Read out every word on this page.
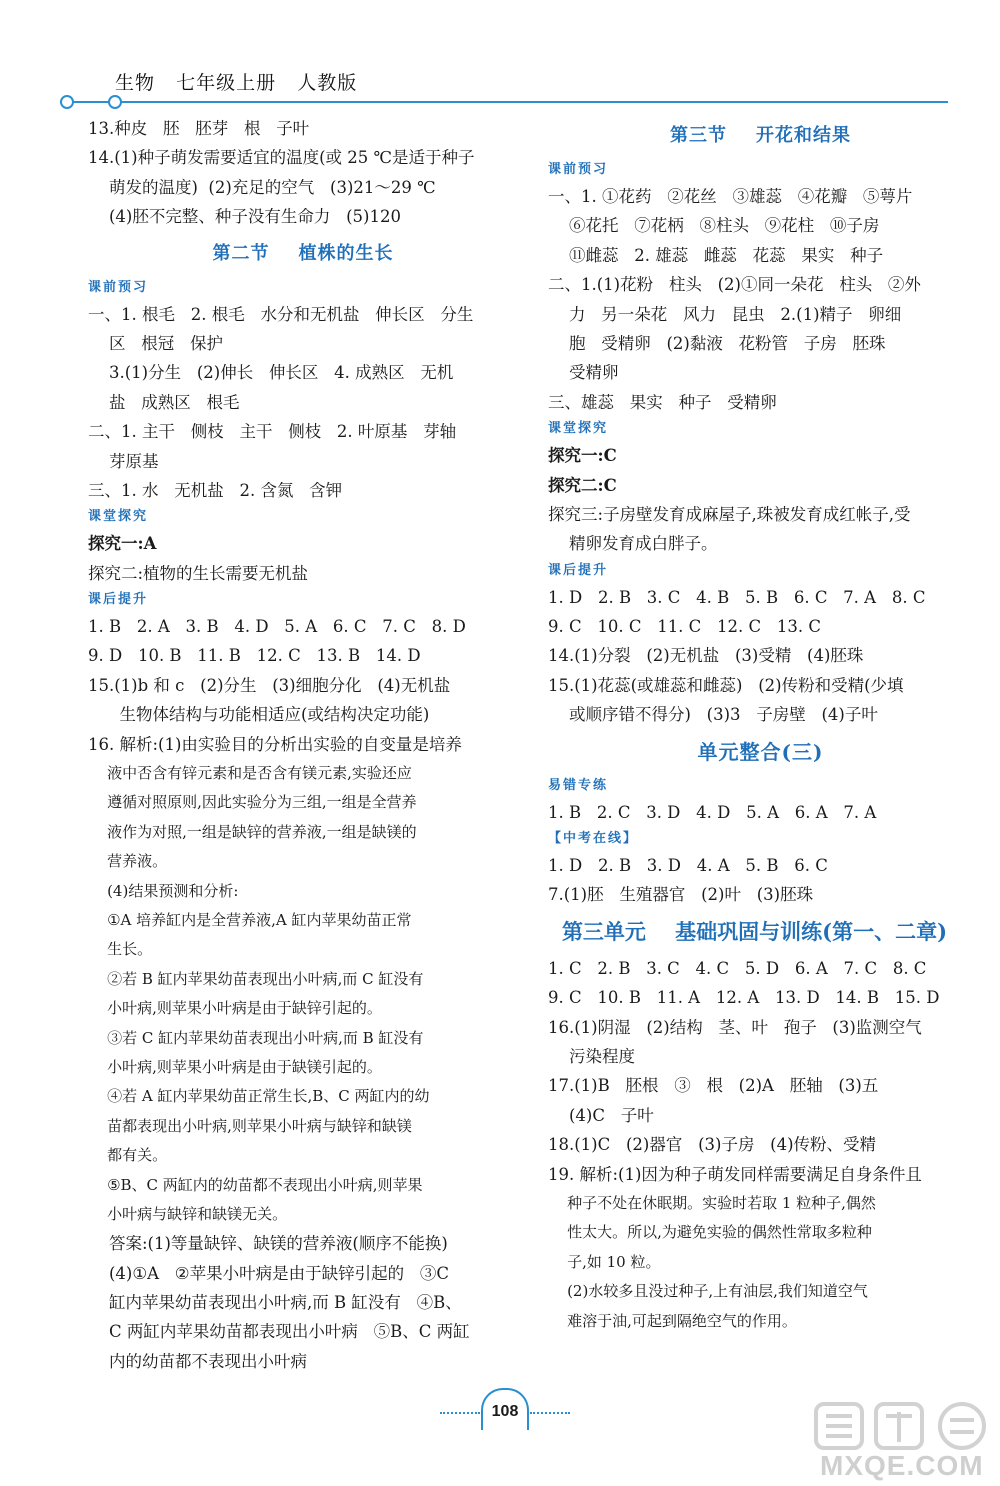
生物   七年级上册   人教版
13.种皮   胚   胚芽   根   子叶
14.(1)种子萌发需要适宜的温度(或 25 ℃是适于种子
萌发的温度)  (2)充足的空气   (3)21～29 ℃
(4)胚不完整、种子没有生命力   (5)120
第二节    植株的生长
课前预习
一、1. 根毛   2. 根毛   水分和无机盐   伸长区   分生
区   根冠   保护
3.(1)分生   (2)伸长   伸长区   4. 成熟区   无机
盐   成熟区   根毛
二、1. 主干   侧枝   主干   侧枝   2. 叶原基   芽轴
芽原基
三、1. 水   无机盐   2. 含氮   含钾
课堂探究
探究一:A
探究二:植物的生长需要无机盐
课后提升
1. B   2. A   3. B   4. D   5. A   6. C   7. C   8. D
9. D   10. B   11. B   12. C   13. B   14. D
15.(1)b 和 c   (2)分生   (3)细胞分化   (4)无机盐
生物体结构与功能相适应(或结构决定功能)
16. 解析:(1)由实验目的分析出实验的自变量是培养
液中否含有锌元素和是否含有镁元素,实验还应
遵循对照原则,因此实验分为三组,一组是全营养
液作为对照,一组是缺锌的营养液,一组是缺镁的
营养液。
(4)结果预测和分析:
①A 培养缸内是全营养液,A 缸内苹果幼苗正常
生长。
②若 B 缸内苹果幼苗表现出小叶病,而 C 缸没有
小叶病,则苹果小叶病是由于缺锌引起的。
③若 C 缸内苹果幼苗表现出小叶病,而 B 缸没有
小叶病,则苹果小叶病是由于缺镁引起的。
④若 A 缸内苹果幼苗正常生长,B、C 两缸内的幼
苗都表现出小叶病,则苹果小叶病与缺锌和缺镁
都有关。
⑤B、C 两缸内的幼苗都不表现出小叶病,则苹果
小叶病与缺锌和缺镁无关。
答案:(1)等量缺锌、缺镁的营养液(顺序不能换)
(4)①A   ②苹果小叶病是由于缺锌引起的   ③C
缸内苹果幼苗表现出小叶病,而 B 缸没有   ④B、
C 两缸内苹果幼苗都表现出小叶病   ⑤B、C 两缸
内的幼苗都不表现出小叶病
第三节    开花和结果
课前预习
一、1. ①花药   ②花丝   ③雄蕊   ④花瓣   ⑤萼片
⑥花托   ⑦花柄   ⑧柱头   ⑨花柱   ⑩子房
⑪雌蕊   2. 雄蕊   雌蕊   花蕊   果实   种子
二、1.(1)花粉   柱头   (2)①同一朵花   柱头   ②外
力   另一朵花   风力   昆虫   2.(1)精子   卵细
胞   受精卵   (2)黏液   花粉管   子房   胚珠
受精卵
三、雄蕊   果实   种子   受精卵
课堂探究
探究一:C
探究二:C
探究三:子房壁发育成麻屋子,珠被发育成红帐子,受
精卵发育成白胖子。
课后提升
1. D   2. B   3. C   4. B   5. B   6. C   7. A   8. C
9. C   10. C   11. C   12. C   13. C
14.(1)分裂   (2)无机盐   (3)受精   (4)胚珠
15.(1)花蕊(或雄蕊和雌蕊)   (2)传粉和受精(少填
或顺序错不得分)   (3)3   子房壁   (4)子叶
单元整合(三)
易错专练
1. B   2. C   3. D   4. D   5. A   6. A   7. A
【中考在线】
1. D   2. B   3. D   4. A   5. B   6. C
7.(1)胚   生殖器官   (2)叶   (3)胚珠
第三单元    基础巩固与训练(第一、二章)
1. C   2. B   3. C   4. C   5. D   6. A   7. C   8. C
9. C   10. B   11. A   12. A   13. D   14. B   15. D
16.(1)阴湿   (2)结构   茎、叶   孢子   (3)监测空气
污染程度
17.(1)B   胚根   ③   根   (2)A   胚轴   (3)五
(4)C   子叶
18.(1)C   (2)器官   (3)子房   (4)传粉、受精
19. 解析:(1)因为种子萌发同样需要满足自身条件且
种子不处在休眠期。实验时若取 1 粒种子,偶然
性太大。所以,为避免实验的偶然性常取多粒种
子,如 10 粒。
(2)水较多且没过种子,上有油层,我们知道空气
难溶于油,可起到隔绝空气的作用。
108
MXQE.COM
